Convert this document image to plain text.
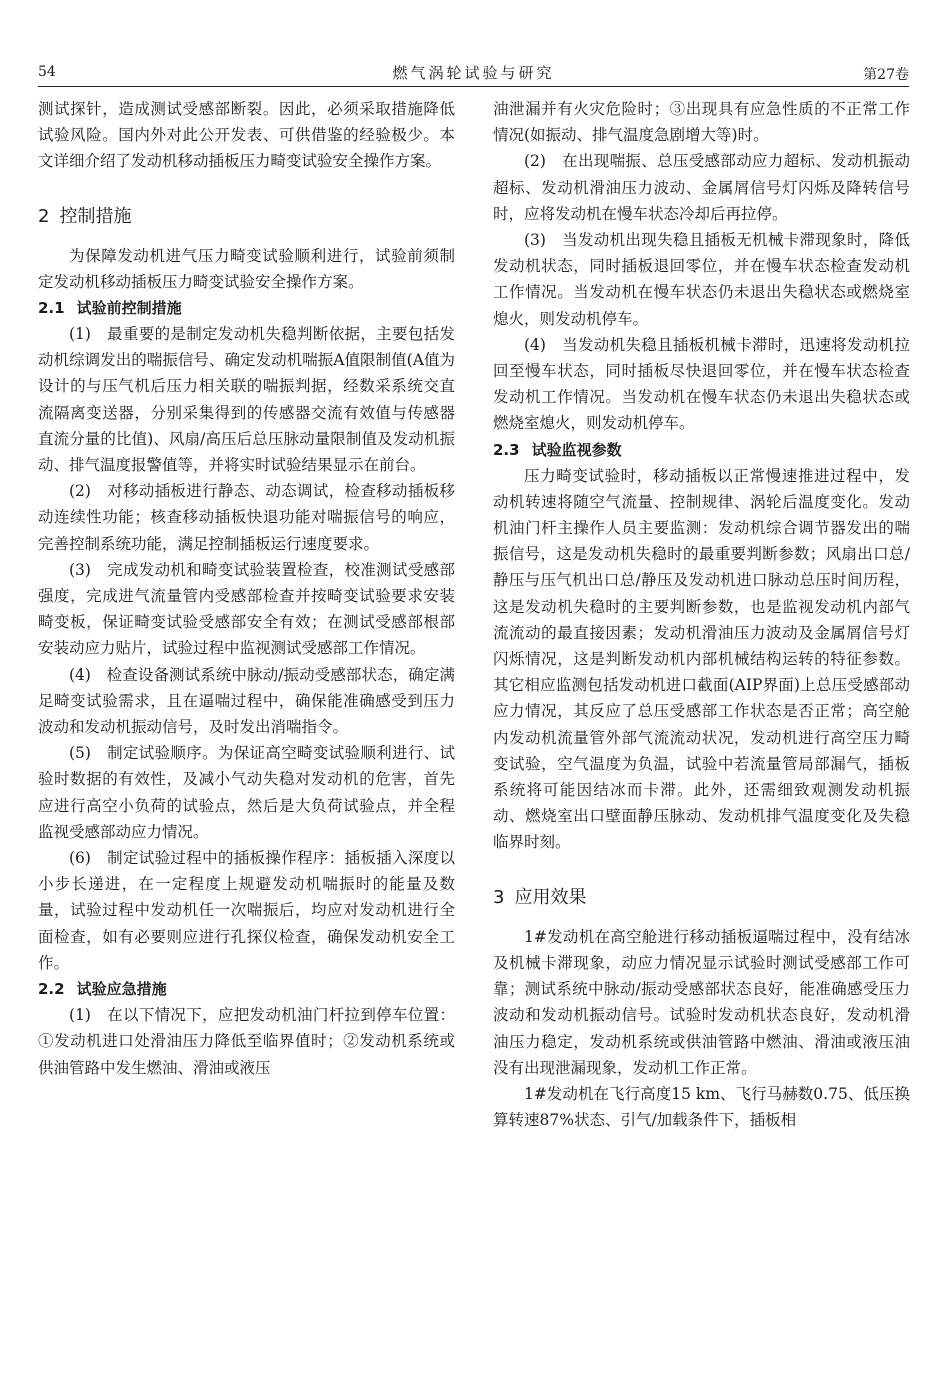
54	燃气涡轮试验与研究	第27卷

测试探针，造成测试受感部断裂。因此，必须采取措施降低试验风险。国内外对此公开发表、可供借鉴的经验极少。本文详细介绍了发动机移动插板压力畸变试验安全操作方案。

2 控制措施

为保障发动机进气压力畸变试验顺利进行，试验前须制定发动机移动插板压力畸变试验安全操作方案。

2.1 试验前控制措施

(1)　最重要的是制定发动机失稳判断依据，主要包括发动机综调发出的喘振信号、确定发动机喘振A值限制值(A值为设计的与压气机后压力相关联的喘振判据，经数采系统交直流隔离变送器，分别采集得到的传感器交流有效值与传感器直流分量的比值)、风扇/高压后总压脉动量限制值及发动机振动、排气温度报警值等，并将实时试验结果显示在前台。

(2)　对移动插板进行静态、动态调试，检查移动插板移动连续性功能；核查移动插板快退功能对喘振信号的响应，完善控制系统功能，满足控制插板运行速度要求。

(3)　完成发动机和畸变试验装置检查，校准测试受感部强度，完成进气流量管内受感部检查并按畸变试验要求安装畸变板，保证畸变试验受感部安全有效；在测试受感部根部安装动应力贴片，试验过程中监视测试受感部工作情况。

(4)　检查设备测试系统中脉动/振动受感部状态，确定满足畸变试验需求，且在逼喘过程中，确保能准确感受到压力波动和发动机振动信号，及时发出消喘指令。

(5)　制定试验顺序。为保证高空畸变试验顺利进行、试验时数据的有效性，及减小气动失稳对发动机的危害，首先应进行高空小负荷的试验点，然后是大负荷试验点，并全程监视受感部动应力情况。

(6)　制定试验过程中的插板操作程序：插板插入深度以小步长递进，在一定程度上规避发动机喘振时的能量及数量，试验过程中发动机任一次喘振后，均应对发动机进行全面检查，如有必要则应进行孔探仪检查，确保发动机安全工作。

2.2 试验应急措施

(1)　在以下情况下，应把发动机油门杆拉到停车位置：①发动机进口处滑油压力降低至临界值时；②发动机系统或供油管路中发生燃油、滑油或液压

油泄漏并有火灾危险时；③出现具有应急性质的不正常工作情况(如振动、排气温度急剧增大等)时。

(2)　在出现喘振、总压受感部动应力超标、发动机振动超标、发动机滑油压力波动、金属屑信号灯闪烁及降转信号时，应将发动机在慢车状态冷却后再拉停。

(3)　当发动机出现失稳且插板无机械卡滞现象时，降低发动机状态，同时插板退回零位，并在慢车状态检查发动机工作情况。当发动机在慢车状态仍未退出失稳状态或燃烧室熄火，则发动机停车。

(4)　当发动机失稳且插板机械卡滞时，迅速将发动机拉回至慢车状态，同时插板尽快退回零位，并在慢车状态检查发动机工作情况。当发动机在慢车状态仍未退出失稳状态或燃烧室熄火，则发动机停车。

2.3 试验监视参数

压力畸变试验时，移动插板以正常慢速推进过程中，发动机转速将随空气流量、控制规律、涡轮后温度变化。发动机油门杆主操作人员主要监测：发动机综合调节器发出的喘振信号，这是发动机失稳时的最重要判断参数；风扇出口总/静压与压气机出口总/静压及发动机进口脉动总压时间历程，这是发动机失稳时的主要判断参数，也是监视发动机内部气流流动的最直接因素；发动机滑油压力波动及金属屑信号灯闪烁情况，这是判断发动机内部机械结构运转的特征参数。其它相应监测包括发动机进口截面(AIP界面)上总压受感部动应力情况，其反应了总压受感部工作状态是否正常；高空舱内发动机流量管外部气流流动状况，发动机进行高空压力畸变试验，空气温度为负温，试验中若流量管局部漏气，插板系统将可能因结冰而卡滞。此外，还需细致观测发动机振动、燃烧室出口壁面静压脉动、发动机排气温度变化及失稳临界时刻。

3 应用效果

1#发动机在高空舱进行移动插板逼喘过程中，没有结冰及机械卡滞现象，动应力情况显示试验时测试受感部工作可靠；测试系统中脉动/振动受感部状态良好，能准确感受压力波动和发动机振动信号。试验时发动机状态良好，发动机滑油压力稳定，发动机系统或供油管路中燃油、滑油或液压油没有出现泄漏现象，发动机工作正常。

1#发动机在飞行高度15 km、飞行马赫数0.75、低压换算转速87%状态、引气/加载条件下，插板相
